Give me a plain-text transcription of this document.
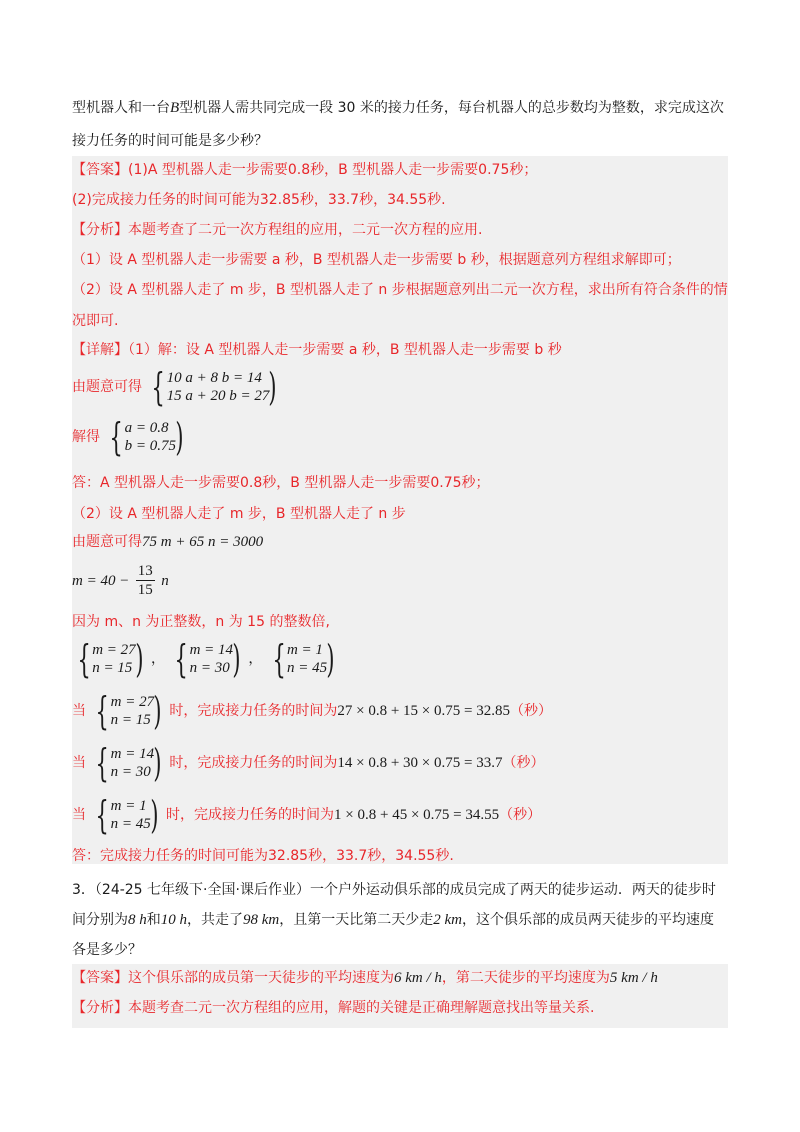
型机器人和一台B型机器人需共同完成一段 30 米的接力任务，每台机器人的总步数均为整数，求完成这次
接力任务的时间可能是多少秒？
【答案】(1)A 型机器人走一步需要0.8秒，B 型机器人走一步需要0.75秒；
(2)完成接力任务的时间可能为32.85秒，33.7秒，34.55秒.
【分析】本题考查了二元一次方程组的应用，二元一次方程的应用.
（1）设 A 型机器人走一步需要 a 秒，B 型机器人走一步需要 b 秒，根据题意列方程组求解即可；
（2）设 A 型机器人走了 m 步，B 型机器人走了 n 步根据题意列出二元一次方程，求出所有符合条件的情
况即可.
【详解】（1）解：设 A 型机器人走一步需要 a 秒，B 型机器人走一步需要 b 秒
由题意可得 { 10 a + 8 b = 14
15 a + 20 b = 27 )
解得 { a = 0.8
b = 0.75 )
答：A 型机器人走一步需要0.8秒，B 型机器人走一步需要0.75秒；
（2）设 A 型机器人走了 m 步，B 型机器人走了 n 步
由题意可得75 m + 65 n = 3000
$m = 40 - \frac{13}{15}$ n
因为 m、n 为正整数，n 为 15 的整数倍,
{ m = 27
n = 15 ) ， { m = 14
n = 30 ) ， { m = 1
n = 45 )
当 { m = 27
n = 15 ) 时，完成接力任务的时间为27 × 0.8 + 15 × 0.75 = 32.85（秒）
当 { m = 14
n = 30 ) 时，完成接力任务的时间为14 × 0.8 + 30 × 0.75 = 33.7（秒）
当 { m = 1
n = 45 ) 时，完成接力任务的时间为1 × 0.8 + 45 × 0.75 = 34.55（秒）
答：完成接力任务的时间可能为32.85秒，33.7秒，34.55秒.
3．（24-25 七年级下·全国·课后作业）一个户外运动俱乐部的成员完成了两天的徒步运动．两天的徒步时
间分别为8 h和10 h，共走了98 km，且第一天比第二天少走2 km，这个俱乐部的成员两天徒步的平均速度
各是多少？
【答案】这个俱乐部的成员第一天徒步的平均速度为6 km / h，第二天徒步的平均速度为5 km / h
【分析】本题考查二元一次方程组的应用，解题的关键是正确理解题意找出等量关系.
